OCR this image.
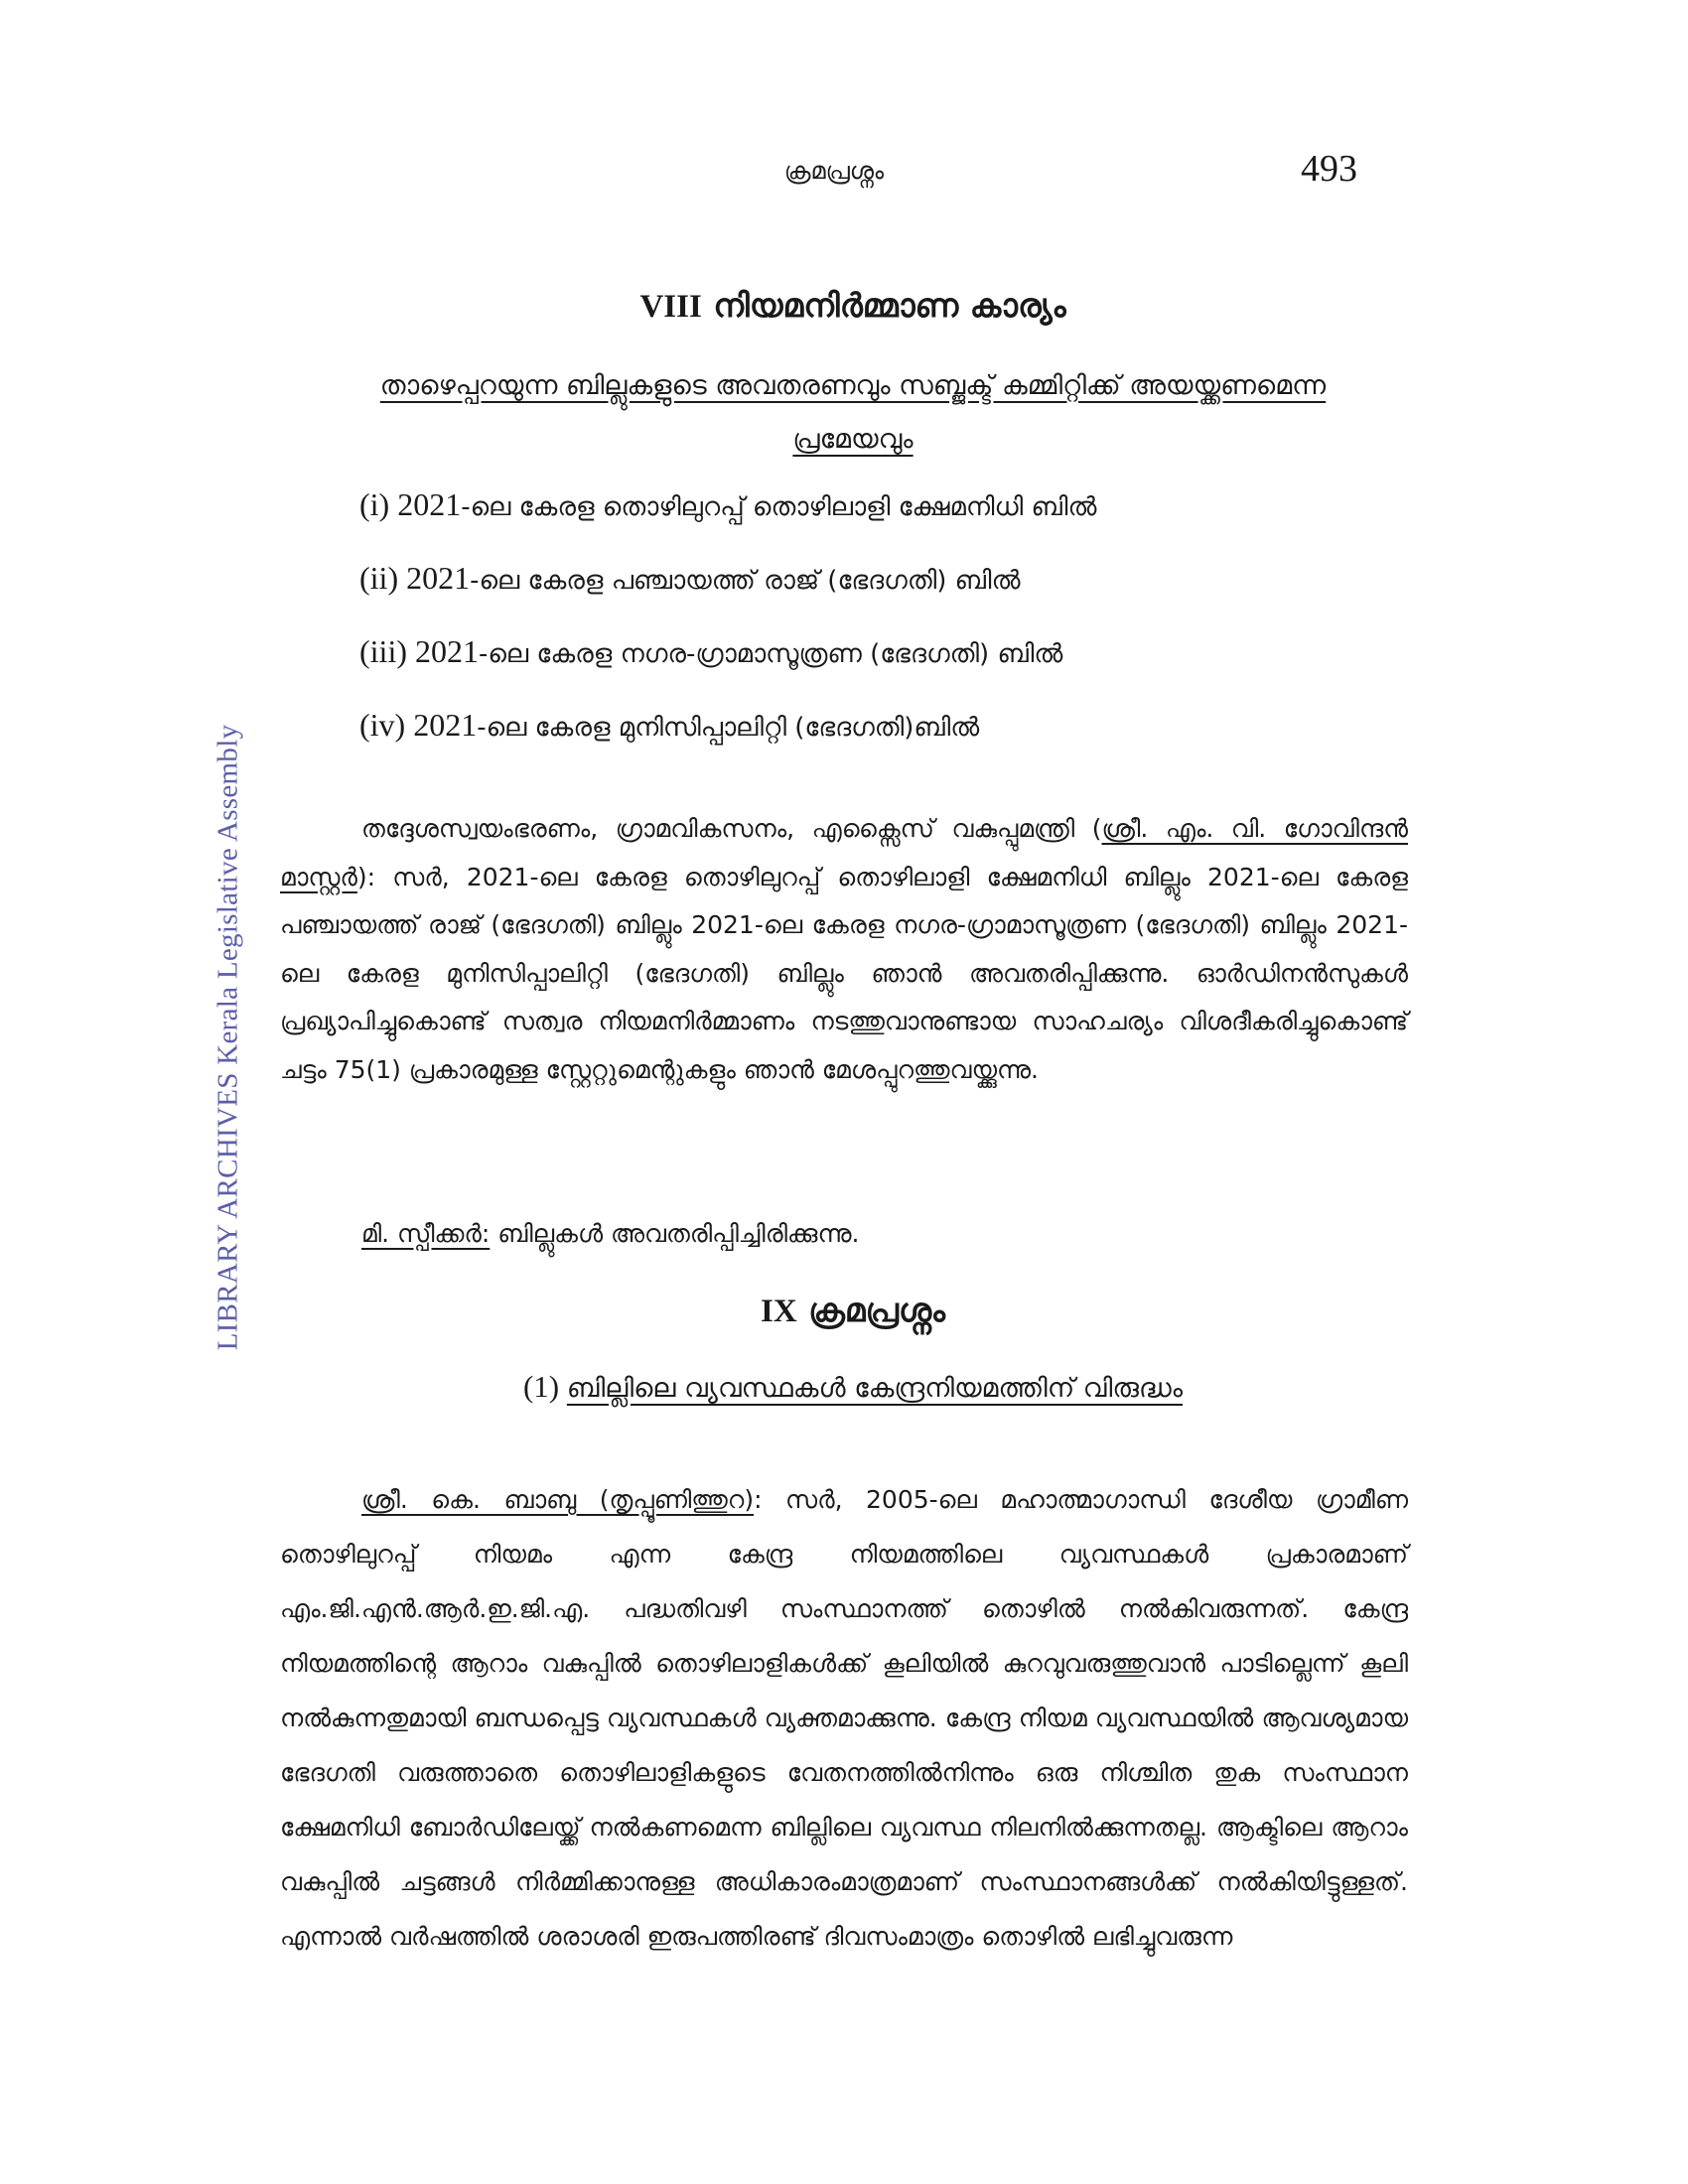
ക്രമപ്രശ്നം	493
LIBRARY ARCHIVES Kerala Legislative Assembly
VIII നിയമനിർമ്മാണ കാര്യം
താഴെപ്പറയുന്ന ബില്ലുകളുടെ അവതരണവും സബ്ജക്ട് കമ്മിറ്റിക്ക് അയയ്ക്കണമെന്ന
പ്രമേയവും
(i) 2021-ലെ കേരള തൊഴിലുറപ്പ് തൊഴിലാളി ക്ഷേമനിധി ബിൽ
(ii) 2021-ലെ കേരള പഞ്ചായത്ത് രാജ് (ഭേദഗതി) ബിൽ
(iii) 2021-ലെ കേരള നഗര-ഗ്രാമാസൂത്രണ (ഭേദഗതി) ബിൽ
(iv) 2021-ലെ കേരള മുനിസിപ്പാലിറ്റി (ഭേദഗതി)ബിൽ

തദ്ദേശസ്വയംഭരണം, ഗ്രാമവികസനം, എക്സൈസ് വകുപ്പുമന്ത്രി (ശ്രീ. എം. വി. ഗോവിന്ദൻ മാസ്റ്റർ): സർ, 2021-ലെ കേരള തൊഴിലുറപ്പ് തൊഴിലാളി ക്ഷേമനിധി ബില്ലും 2021-ലെ കേരള പഞ്ചായത്ത് രാജ് (ഭേദഗതി) ബില്ലും 2021-ലെ കേരള നഗര-ഗ്രാമാസൂത്രണ (ഭേദഗതി) ബില്ലും 2021-ലെ കേരള മുനിസിപ്പാലിറ്റി (ഭേദഗതി) ബില്ലും ഞാൻ അവതരിപ്പിക്കുന്നു. ഓർഡിനൻസുകൾ പ്രഖ്യാപിച്ചുകൊണ്ട് സത്വര നിയമനിർമ്മാണം നടത്തുവാനുണ്ടായ സാഹചര്യം വിശദീകരിച്ചുകൊണ്ട് ചട്ടം 75(1) പ്രകാരമുള്ള സ്റ്റേറ്റുമെന്റുകളും ഞാൻ മേശപ്പുറത്തുവയ്ക്കുന്നു.

മി. സ്പീക്കർ: ബില്ലുകൾ അവതരിപ്പിച്ചിരിക്കുന്നു.
IX ക്രമപ്രശ്നം
(1) ബില്ലിലെ വ്യവസ്ഥകൾ കേന്ദ്രനിയമത്തിന് വിരുദ്ധം

ശ്രീ. കെ. ബാബു (തൃപ്പൂണിത്തുറ): സർ, 2005-ലെ മഹാത്മാഗാന്ധി ദേശീയ ഗ്രാമീണ തൊഴിലുറപ്പ് നിയമം എന്ന കേന്ദ്ര നിയമത്തിലെ വ്യവസ്ഥകൾ പ്രകാരമാണ് എം.ജി.എൻ.ആർ.ഇ.ജി.എ. പദ്ധതിവഴി സംസ്ഥാനത്ത് തൊഴിൽ നൽകിവരുന്നത്. കേന്ദ്ര നിയമത്തിന്റെ ആറാം വകുപ്പിൽ തൊഴിലാളികൾക്ക് കൂലിയിൽ കുറവുവരുത്തുവാൻ പാടില്ലെന്ന് കൂലി നൽകുന്നതുമായി ബന്ധപ്പെട്ട വ്യവസ്ഥകൾ വ്യക്തമാക്കുന്നു. കേന്ദ്ര നിയമ വ്യവസ്ഥയിൽ ആവശ്യമായ ഭേദഗതി വരുത്താതെ തൊഴിലാളികളുടെ വേതനത്തിൽനിന്നും ഒരു നിശ്ചിത തുക സംസ്ഥാന ക്ഷേമനിധി ബോർഡിലേയ്ക്ക് നൽകണമെന്ന ബില്ലിലെ വ്യവസ്ഥ നിലനിൽക്കുന്നതല്ല. ആക്ടിലെ ആറാം വകുപ്പിൽ ചട്ടങ്ങൾ നിർമ്മിക്കാനുള്ള അധികാരംമാത്രമാണ് സംസ്ഥാനങ്ങൾക്ക് നൽകിയിട്ടുള്ളത്. എന്നാൽ വർഷത്തിൽ ശരാശരി ഇരുപത്തിരണ്ട് ദിവസംമാത്രം തൊഴിൽ ലഭിച്ചുവരുന്ന
